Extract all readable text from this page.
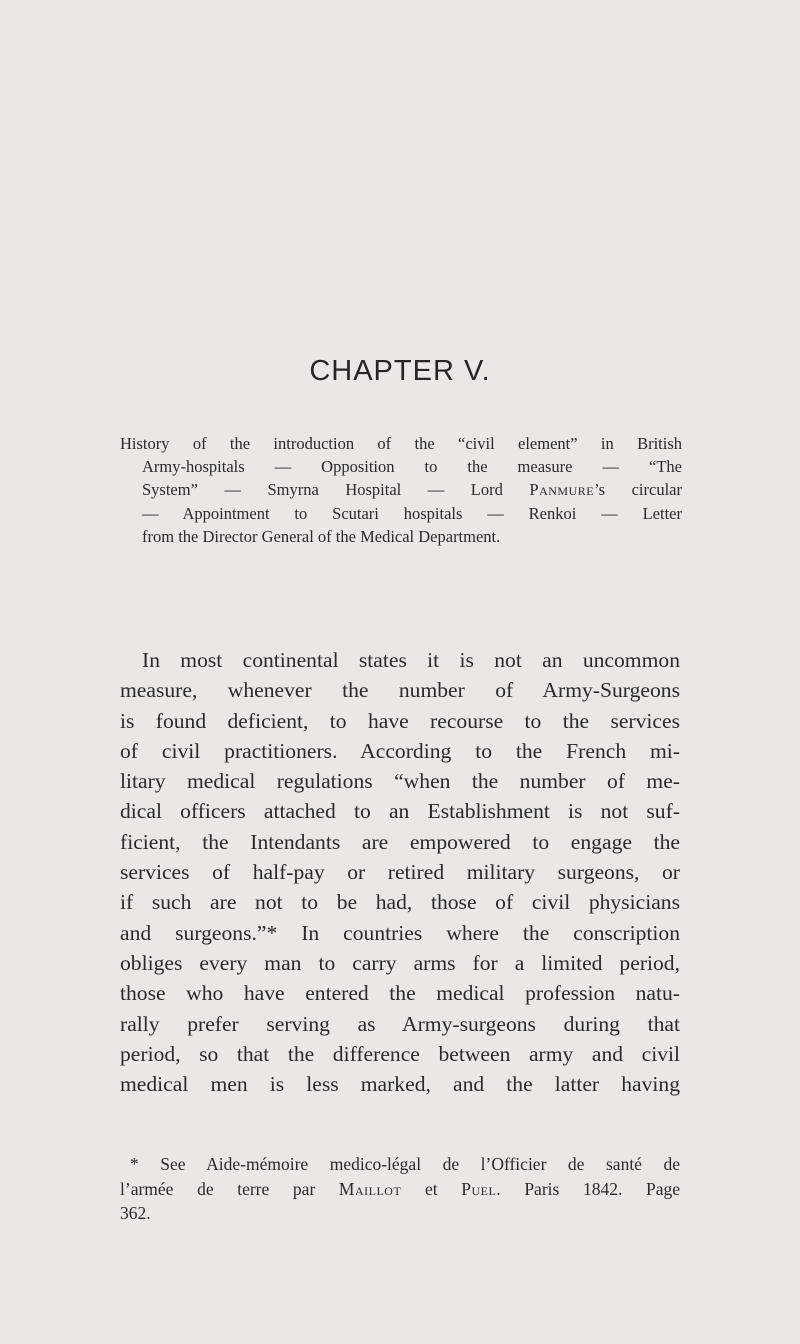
CHAPTER V.
History of the introduction of the “civil element” in British
Army-hospitals — Opposition to the measure — “The
System” — Smyrna Hospital — Lord Panmure’s circular
— Appointment to Scutari hospitals — Renkoi — Letter
from the Director General of the Medical Department.
In most continental states it is not an uncommon
measure, whenever the number of Army-Surgeons
is found deficient, to have recourse to the services
of civil practitioners. According to the French mi-
litary medical regulations “when the number of me-
dical officers attached to an Establishment is not suf-
ficient, the Intendants are empowered to engage the
services of half-pay or retired military surgeons, or
if such are not to be had, those of civil physicians
and surgeons.”* In countries where the conscription
obliges every man to carry arms for a limited period,
those who have entered the medical profession natu-
rally prefer serving as Army-surgeons during that
period, so that the difference between army and civil
medical men is less marked, and the latter having
* See Aide-mémoire medico-légal de l’Officier de santé de
l’armée de terre par Maillot et Puel. Paris 1842. Page
362.
